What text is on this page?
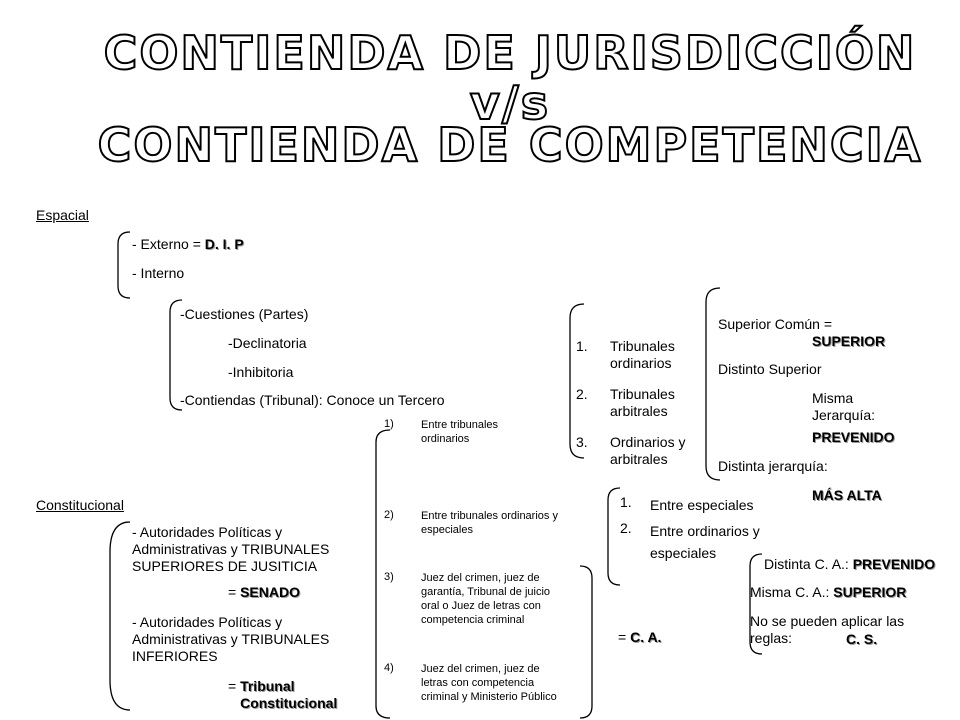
CONTIENDA DE JURISDICCIÓN
v/s
CONTIENDA DE COMPETENCIA
Espacial
- Externo = D. I. P
- Interno
-Cuestiones (Partes)
-Declinatoria
-Inhibitoria
-Contiendas (Tribunal): Conoce un Tercero
Constitucional
- Autoridades Políticas y Administrativas y TRIBUNALES SUPERIORES DE JUSITICIA
= SENADO
- Autoridades Políticas y Administrativas y TRIBUNALES INFERIORES
= Tribunal Constitucional
1) Entre tribunales ordinarios
2) Entre tribunales ordinarios y especiales
3) Juez del crimen, juez de garantía, Tribunal de juicio oral o Juez de letras con competencia criminal
4) Juez del crimen, juez de letras con competencia criminal y Ministerio Público
1. Tribunales ordinarios
2. Tribunales arbitrales
3. Ordinarios y arbitrales
Superior Común =
SUPERIOR
Distinto Superior
Misma Jerarquía:
PREVENIDO
Distinta jerarquía:
MÁS ALTA
1. Entre especiales
2. Entre ordinarios y especiales
Distinta C. A.: PREVENIDO
Misma C. A.: SUPERIOR
No se pueden aplicar las reglas:	C. S.
= C. A.
